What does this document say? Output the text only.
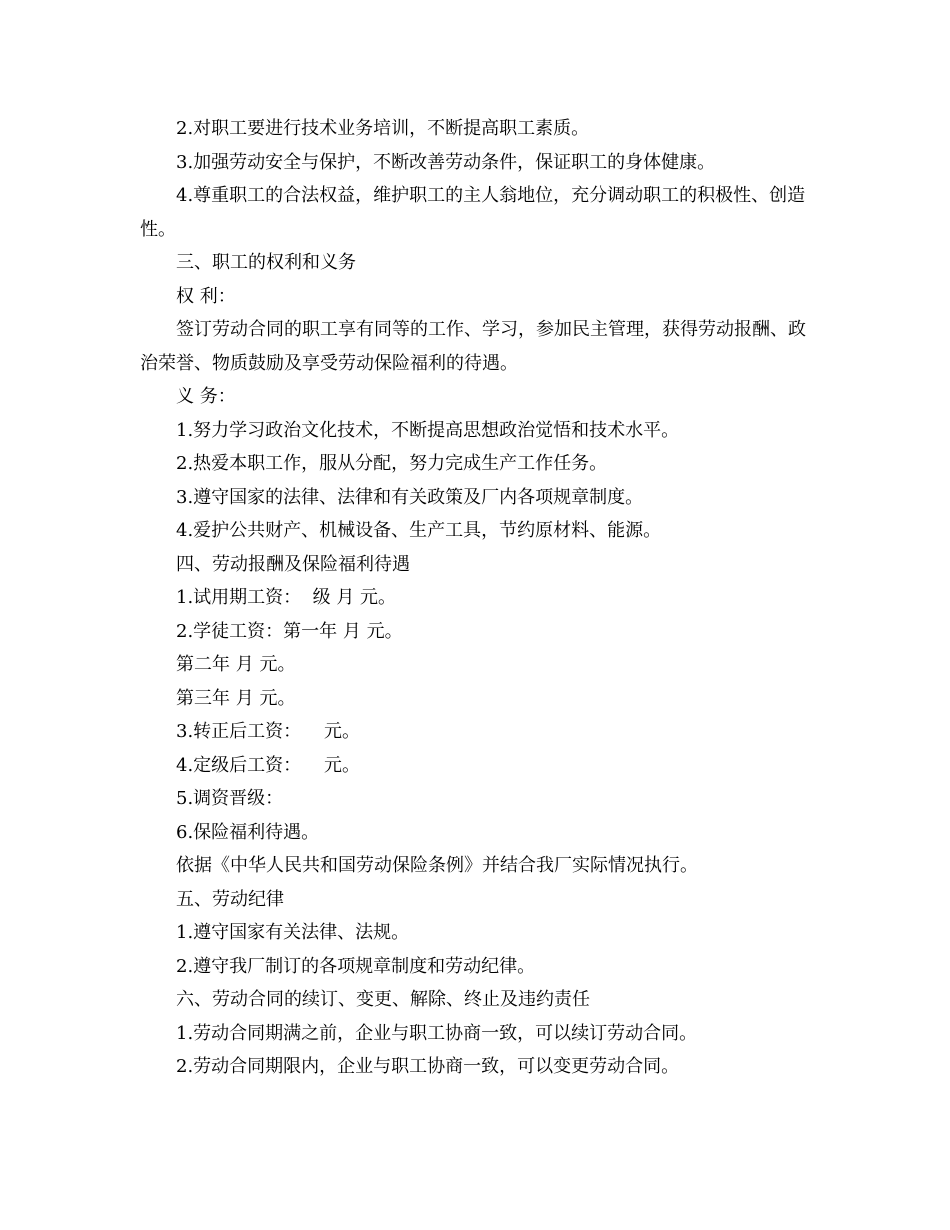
2.对职工要进行技术业务培训，不断提高职工素质。

3.加强劳动安全与保护，不断改善劳动条件，保证职工的身体健康。

4.尊重职工的合法权益，维护职工的主人翁地位，充分调动职工的积极性、创造性。

三、职工的权利和义务

权 利：

签订劳动合同的职工享有同等的工作、学习，参加民主管理，获得劳动报酬、政治荣誉、物质鼓励及享受劳动保险福利的待遇。

义 务：

1.努力学习政治文化技术，不断提高思想政治觉悟和技术水平。

2.热爱本职工作，服从分配，努力完成生产工作任务。

3.遵守国家的法律、法律和有关政策及厂内各项规章制度。

4.爱护公共财产、机械设备、生产工具，节约原材料、能源。

四、劳动报酬及保险福利待遇

1.试用期工资：  级 月 元。

2.学徒工资：第一年 月 元。

第二年 月 元。

第三年 月 元。

3.转正后工资：    元。

4.定级后工资：    元。

5.调资晋级：

6.保险福利待遇。

依据《中华人民共和国劳动保险条例》并结合我厂实际情况执行。

五、劳动纪律

1.遵守国家有关法律、法规。

2.遵守我厂制订的各项规章制度和劳动纪律。

六、劳动合同的续订、变更、解除、终止及违约责任

1.劳动合同期满之前，企业与职工协商一致，可以续订劳动合同。

2.劳动合同期限内，企业与职工协商一致，可以变更劳动合同。
